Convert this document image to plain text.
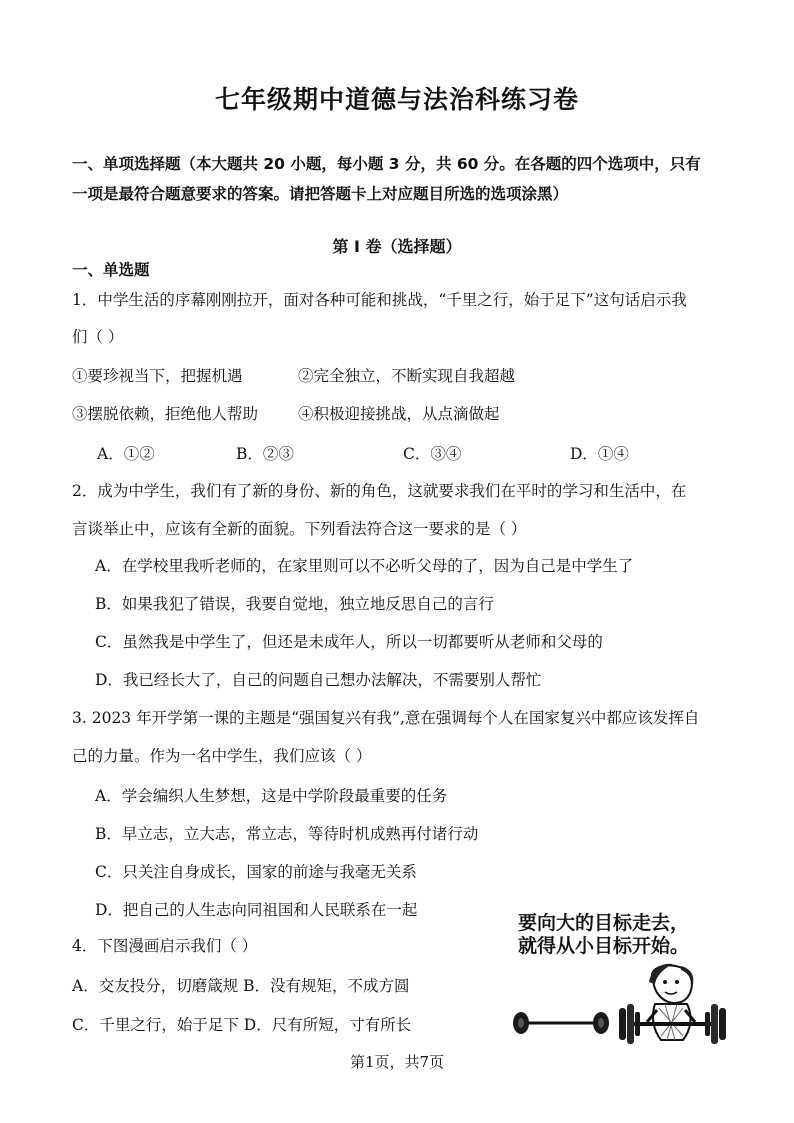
七年级期中道德与法治科练习卷
一、单项选择题（本大题共 20 小题，每小题 3 分，共 60 分。在各题的四个选项中，只有
一项是最符合题意要求的答案。请把答题卡上对应题目所选的选项涂黑）
第 I 卷（选择题）
一、单选题
1．中学生活的序幕刚刚拉开，面对各种可能和挑战，“千里之行，始于足下”这句话启示我
们（ ）
①要珍视当下，把握机遇	②完全独立，不断实现自我超越
③摆脱依赖，拒绝他人帮助	④积极迎接挑战，从点滴做起
A．①②	B．②③	C．③④	D．①④
2．成为中学生，我们有了新的身份、新的角色，这就要求我们在平时的学习和生活中，在
言谈举止中，应该有全新的面貌。下列看法符合这一要求的是（ ）
A．在学校里我听老师的，在家里则可以不必听父母的了，因为自己是中学生了
B．如果我犯了错误，我要自觉地，独立地反思自己的言行
C．虽然我是中学生了，但还是未成年人，所以一切都要听从老师和父母的
D．我已经长大了，自己的问题自己想办法解决，不需要别人帮忙
3. 2023 年开学第一课的主题是“强国复兴有我”,意在强调每个人在国家复兴中都应该发挥自
己的力量。作为一名中学生，我们应该（ ）
A．学会编织人生梦想，这是中学阶段最重要的任务
B．早立志，立大志，常立志，等待时机成熟再付诸行动
C．只关注自身成长，国家的前途与我毫无关系
D．把自己的人生志向同祖国和人民联系在一起
4．下图漫画启示我们（ ）
A．交友投分，切磨箴规 B．没有规矩，不成方圆
C．千里之行，始于足下 D．尺有所短，寸有所长
要向大的目标走去，
就得从小目标开始。
第1页，共7页
